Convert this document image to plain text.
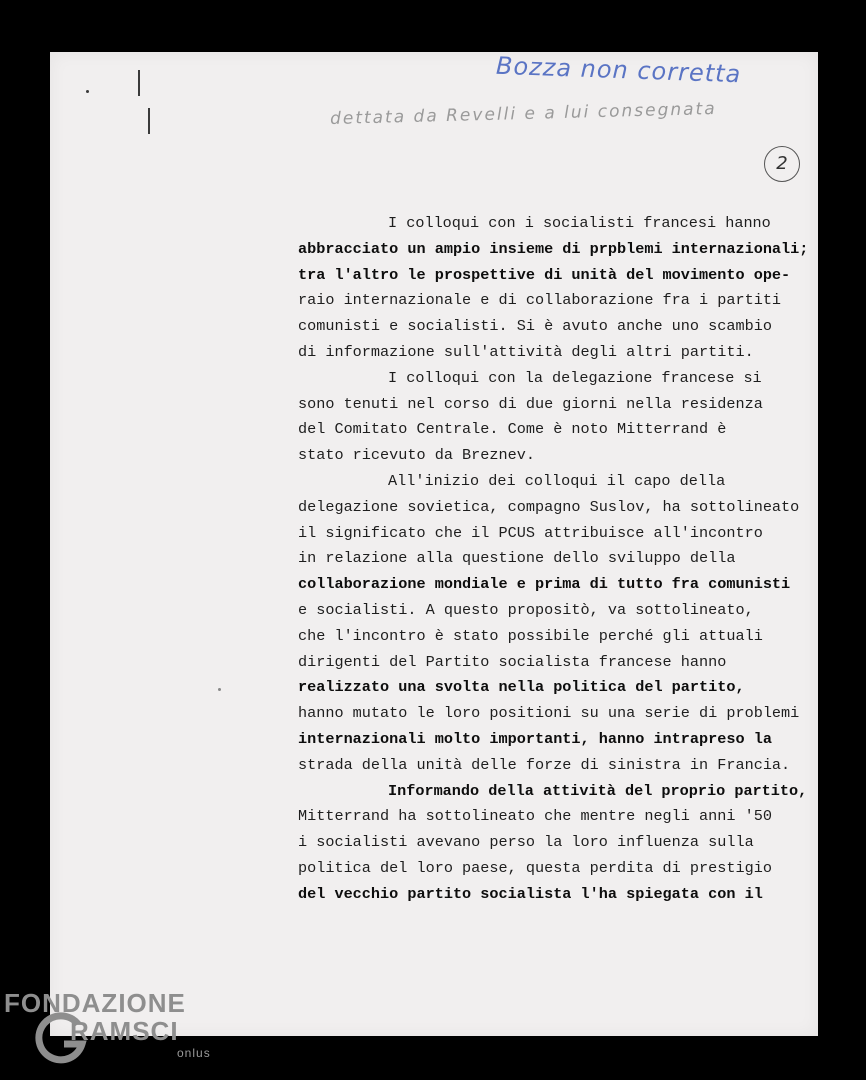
Bozza non corretta
dettata da Revelli e a lui consegnata
2
I colloqui con i socialisti francesi hanno
abbracciato un ampio insieme di prpblemi internazionali;
tra l'altro le prospettive di unità del movimento ope-
raio internazionale e di collaborazione fra i partiti
comunisti e socialisti. Si è avuto anche uno scambio
di informazione sull'attività degli altri partiti.
I colloqui con la delegazione francese si
sono tenuti nel corso di due giorni nella residenza
del Comitato Centrale. Come è noto Mitterrand è
stato ricevuto da Breznev.
All'inizio dei colloqui il capo della
delegazione sovietica, compagno Suslov, ha sottolineato
il significato che il PCUS attribuisce all'incontro
in relazione alla questione dello sviluppo della
collaborazione mondiale e prima di tutto fra comunisti
e socialisti. A questo propositò, va sottolineato,
che l'incontro è stato possibile perché gli attuali
dirigenti del Partito socialista francese hanno
realizzato una svolta nella politica del partito,
hanno mutato le loro positioni su una serie di problemi
internazionali molto importanti, hanno intrapreso la
strada della unità delle forze di sinistra in Francia.
Informando della attività del proprio partito,
Mitterrand ha sottolineato che mentre negli anni '50
i socialisti avevano perso la loro influenza sulla
politica del loro paese, questa perdita di prestigio
del vecchio partito socialista l'ha spiegata con il
FONDAZIONE
RAMSCI
onlus
